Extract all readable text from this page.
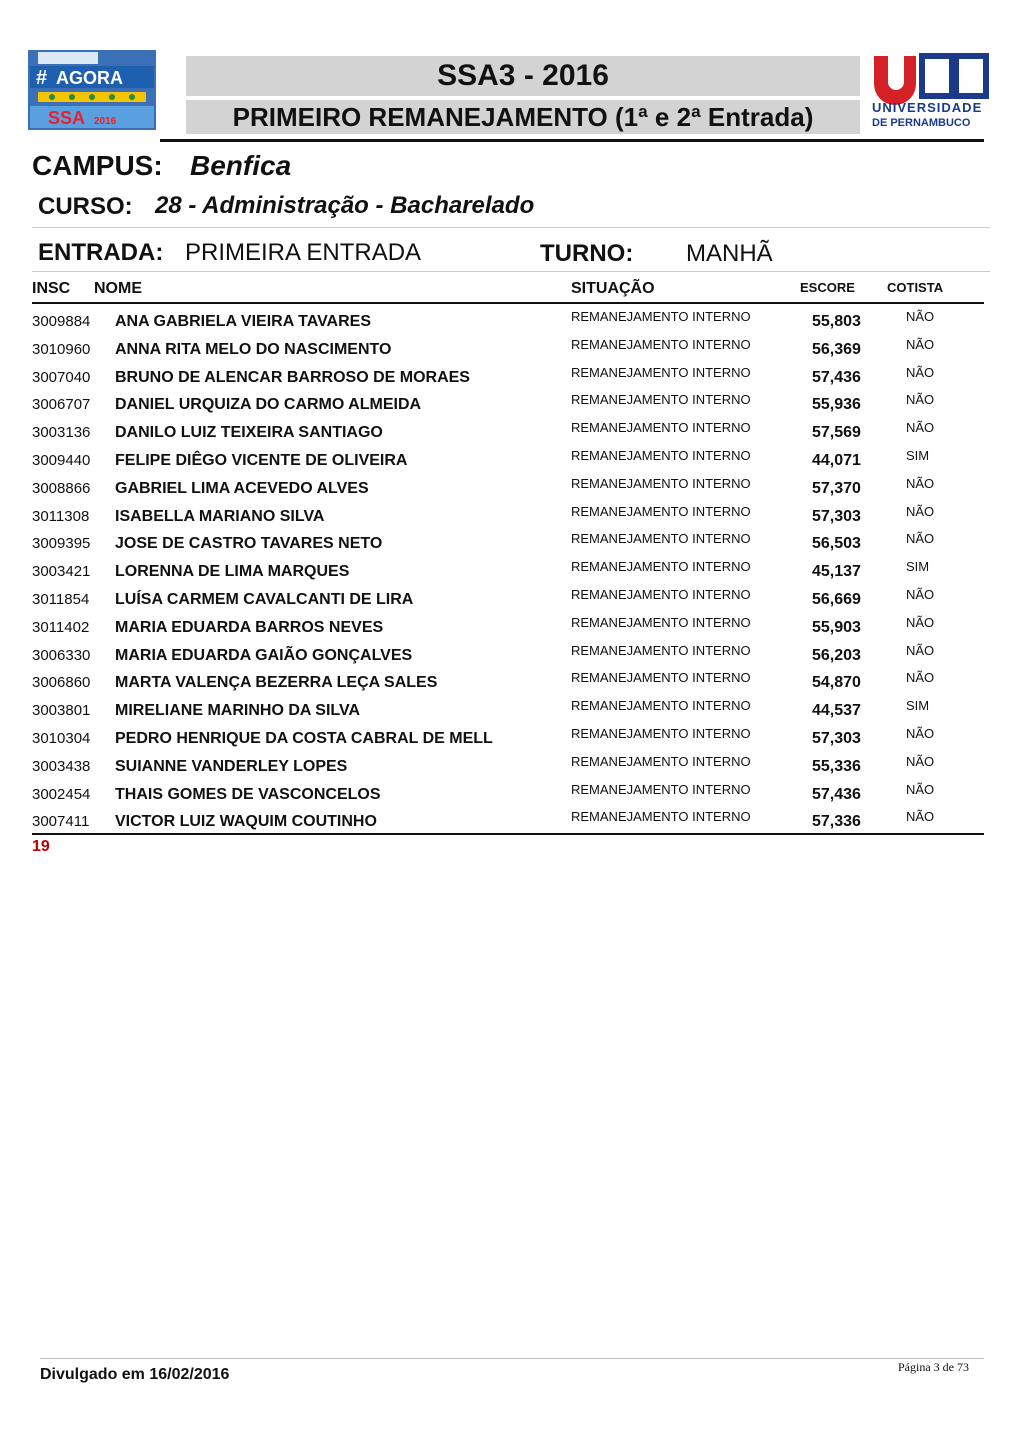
# AGORA
SSA 2016
UNIVERSIDADE
DE PERNAMBUCO
SSA3 - 2016
PRIMEIRO REMANEJAMENTO (1ª e 2ª Entrada)
CAMPUS: Benfica
CURSO: 28 - Administração - Bacharelado
ENTRADA: PRIMEIRA ENTRADA	TURNO: MANHÃ
INSC NOME	SITUAÇÃO	ESCORE COTISTA
3009884 ANA GABRIELA VIEIRA TAVARES	REMANEJAMENTO INTERNO	55,803	NÃO
3010960 ANNA RITA MELO DO NASCIMENTO	REMANEJAMENTO INTERNO	56,369	NÃO
3007040 BRUNO DE ALENCAR BARROSO DE MORAES	REMANEJAMENTO INTERNO	57,436	NÃO
3006707 DANIEL URQUIZA DO CARMO ALMEIDA	REMANEJAMENTO INTERNO	55,936	NÃO
3003136 DANILO LUIZ TEIXEIRA SANTIAGO	REMANEJAMENTO INTERNO	57,569	NÃO
3009440 FELIPE DIÊGO VICENTE DE OLIVEIRA	REMANEJAMENTO INTERNO	44,071	SIM
3008866 GABRIEL LIMA ACEVEDO ALVES	REMANEJAMENTO INTERNO	57,370	NÃO
3011308 ISABELLA MARIANO SILVA	REMANEJAMENTO INTERNO	57,303	NÃO
3009395 JOSE DE CASTRO TAVARES NETO	REMANEJAMENTO INTERNO	56,503	NÃO
3003421 LORENNA DE LIMA MARQUES	REMANEJAMENTO INTERNO	45,137	SIM
3011854 LUÍSA CARMEM CAVALCANTI DE LIRA	REMANEJAMENTO INTERNO	56,669	NÃO
3011402 MARIA EDUARDA BARROS NEVES	REMANEJAMENTO INTERNO	55,903	NÃO
3006330 MARIA EDUARDA GAIÃO GONÇALVES	REMANEJAMENTO INTERNO	56,203	NÃO
3006860 MARTA VALENÇA BEZERRA LEÇA SALES	REMANEJAMENTO INTERNO	54,870	NÃO
3003801 MIRELIANE MARINHO DA SILVA	REMANEJAMENTO INTERNO	44,537	SIM
3010304 PEDRO HENRIQUE DA COSTA CABRAL DE MELL	REMANEJAMENTO INTERNO	57,303	NÃO
3003438 SUIANNE VANDERLEY LOPES	REMANEJAMENTO INTERNO	55,336	NÃO
3002454 THAIS GOMES DE VASCONCELOS	REMANEJAMENTO INTERNO	57,436	NÃO
3007411 VICTOR LUIZ WAQUIM COUTINHO	REMANEJAMENTO INTERNO	57,336	NÃO
19
Divulgado em 16/02/2016	Página 3 de 73
